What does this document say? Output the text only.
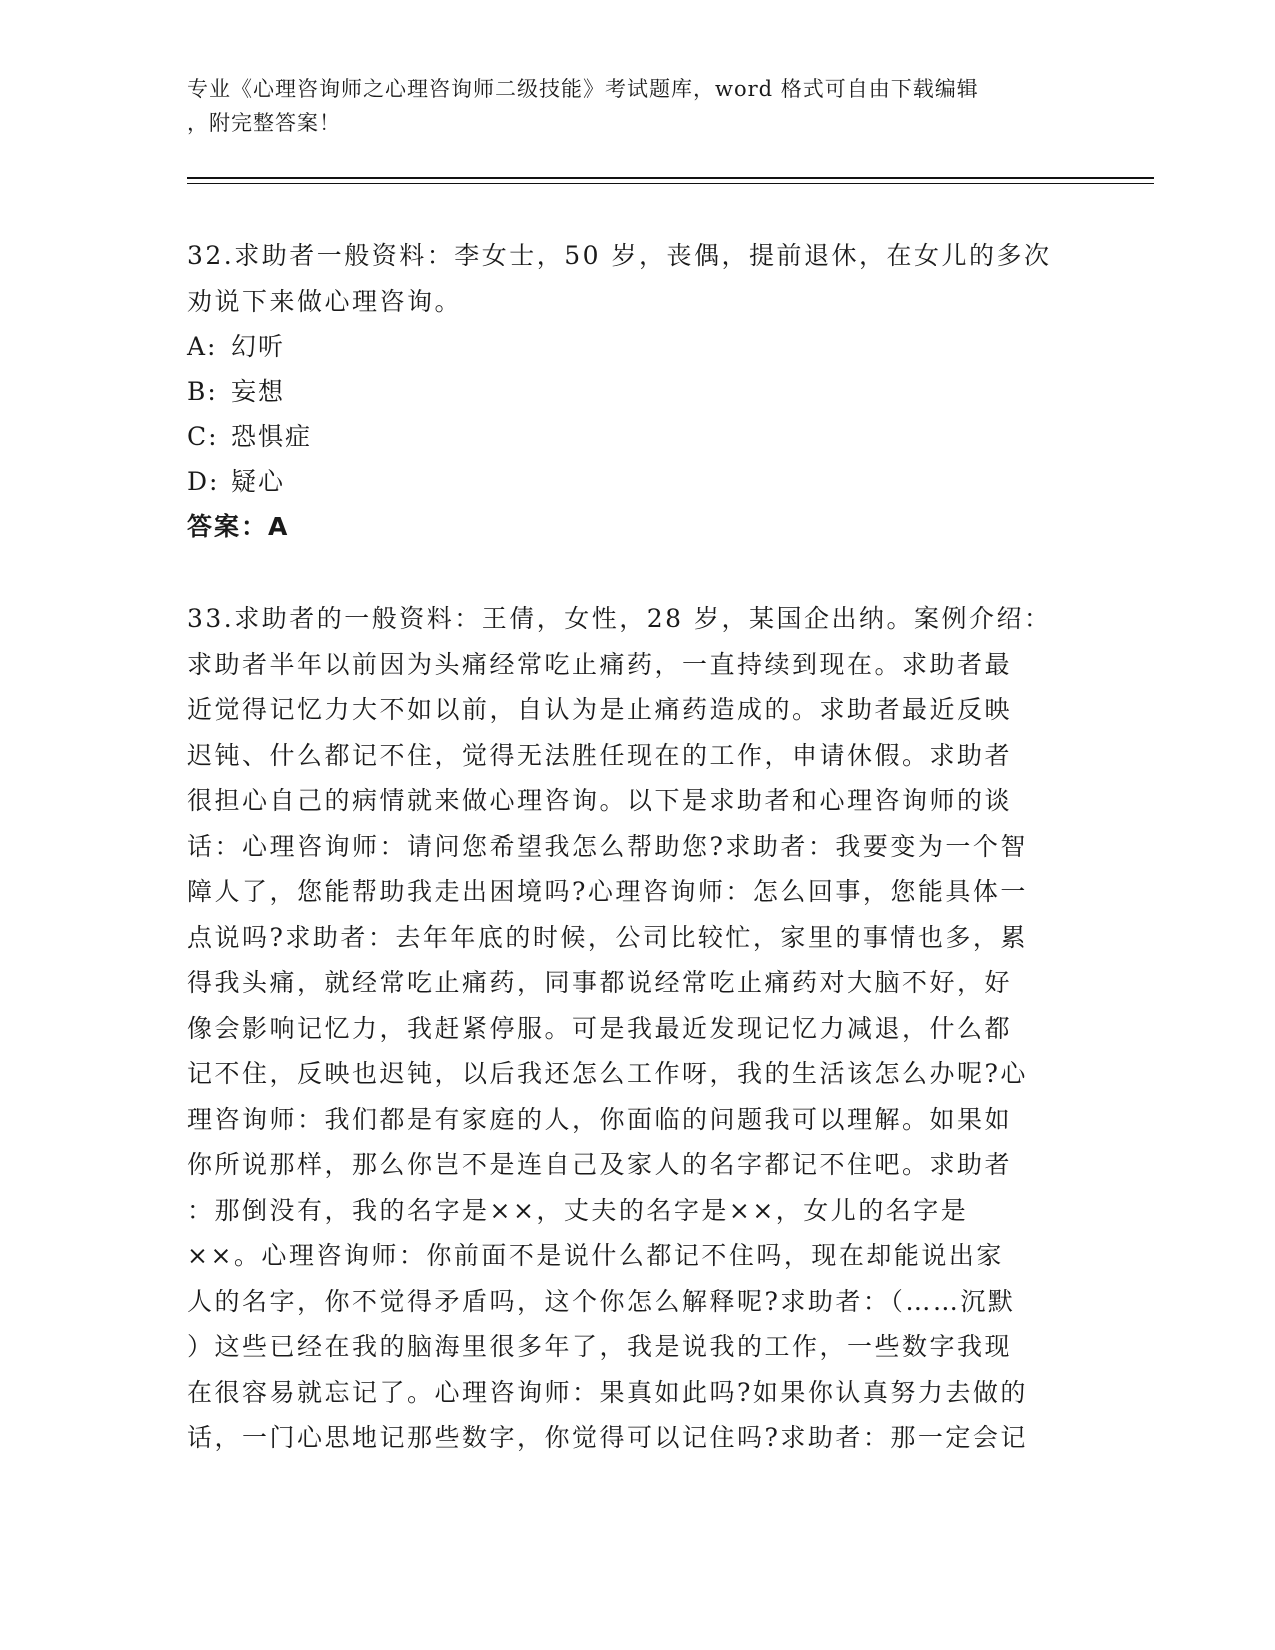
专业《心理咨询师之心理咨询师二级技能》考试题库，word 格式可自由下载编辑
，附完整答案！
32.求助者一般资料：李女士，50 岁，丧偶，提前退休，在女儿的多次
劝说下来做心理咨询。
A: 幻听
B: 妄想
C: 恐惧症
D: 疑心
答案：A
33.求助者的一般资料：王倩，女性，28 岁，某国企出纳。案例介绍：
求助者半年以前因为头痛经常吃止痛药，一直持续到现在。求助者最
近觉得记忆力大不如以前，自认为是止痛药造成的。求助者最近反映
迟钝、什么都记不住，觉得无法胜任现在的工作，申请休假。求助者
很担心自己的病情就来做心理咨询。以下是求助者和心理咨询师的谈
话：心理咨询师：请问您希望我怎么帮助您?求助者：我要变为一个智
障人了，您能帮助我走出困境吗?心理咨询师：怎么回事，您能具体一
点说吗?求助者：去年年底的时候，公司比较忙，家里的事情也多，累
得我头痛，就经常吃止痛药，同事都说经常吃止痛药对大脑不好，好
像会影响记忆力，我赶紧停服。可是我最近发现记忆力减退，什么都
记不住，反映也迟钝，以后我还怎么工作呀，我的生活该怎么办呢?心
理咨询师：我们都是有家庭的人，你面临的问题我可以理解。如果如
你所说那样，那么你岂不是连自己及家人的名字都记不住吧。求助者
：那倒没有，我的名字是××，丈夫的名字是××，女儿的名字是
××。心理咨询师：你前面不是说什么都记不住吗，现在却能说出家
人的名字，你不觉得矛盾吗，这个你怎么解释呢?求助者：（……沉默
）这些已经在我的脑海里很多年了，我是说我的工作，一些数字我现
在很容易就忘记了。心理咨询师：果真如此吗?如果你认真努力去做的
话，一门心思地记那些数字，你觉得可以记住吗?求助者：那一定会记
